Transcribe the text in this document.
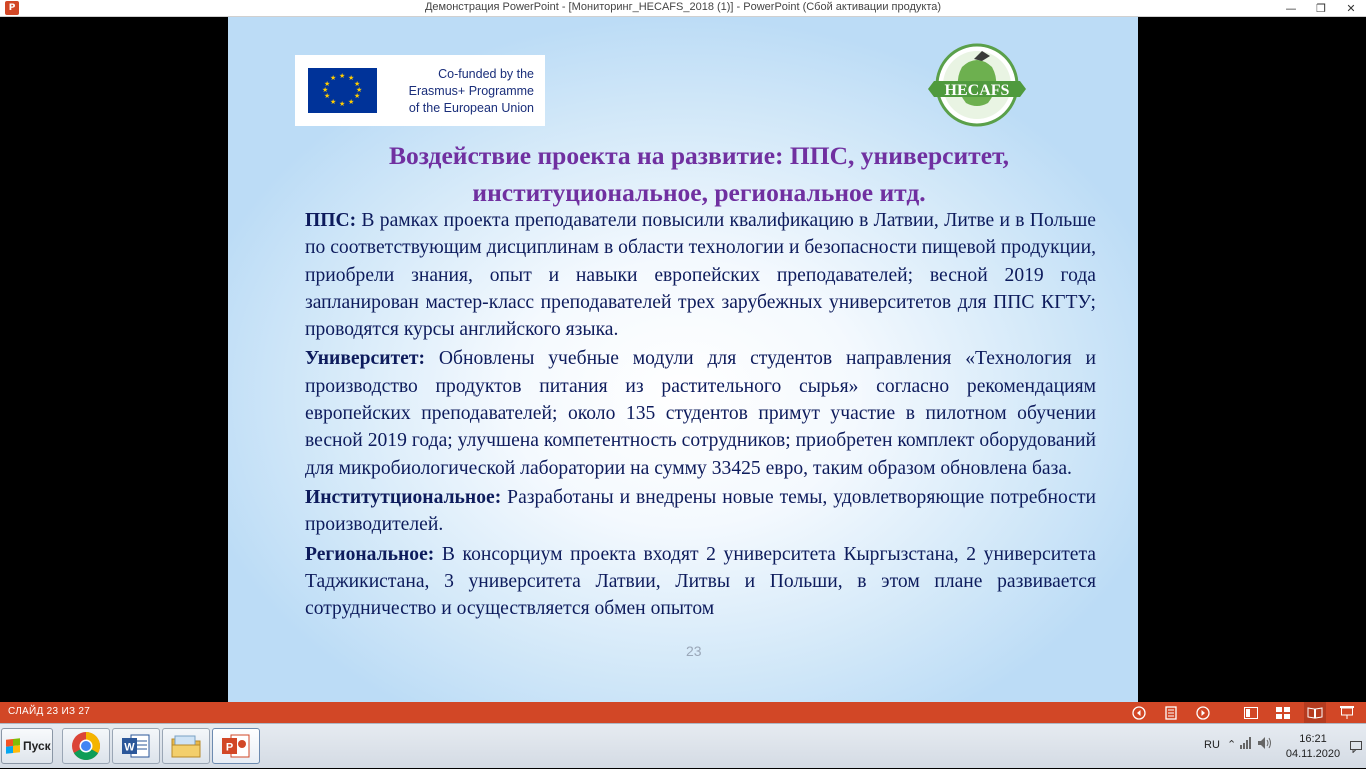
P	Демонстрация PowerPoint - [Мониторинг_HECAFS_2018 (1)] - PowerPoint (Сбой активации продукта)	—	❐	✕
★ ★
★
★
★
★
★
★
★
★
★
★	Co-funded by the
Erasmus+ Programme
of the European Union
HECAFS
Воздействие проекта на развитие: ППС, университет,
институциональное, региональное итд.

ППС: В рамках проекта преподаватели повысили квалификацию в Латвии, Литве и в Польше по соответствующим дисциплинам в области технологии и безопасности пищевой продукции, приобрели знания, опыт и навыки европейских преподавателей; весной 2019 года запланирован мастер-класс преподавателей трех зарубежных университетов для ППС КГТУ; проводятся курсы английского языка.

Университет: Обновлены учебные модули для студентов направления «Технология и производство продуктов питания из растительного сырья» согласно рекомендациям европейских преподавателей; около 135 студентов примут участие в пилотном обучении весной 2019 года; улучшена компетентность сотрудников; приобретен комплект оборудований для микробиологической лаборатории на сумму 33425 евро, таким образом обновлена база.

Институтциональное: Разработаны и внедрены новые темы, удовлетворяющие потребности производителей.

Региональное: В консорциум проекта входят 2 университета Кыргызстана, 2 университета Таджикистана, 3 университета Латвии, Литвы и Польши, в этом плане развивается сотрудничество и осуществляется обмен опытом

23
СЛАЙД 23 ИЗ 27
Пуск	W	P	RU ⌃	16:21
04.11.2020
